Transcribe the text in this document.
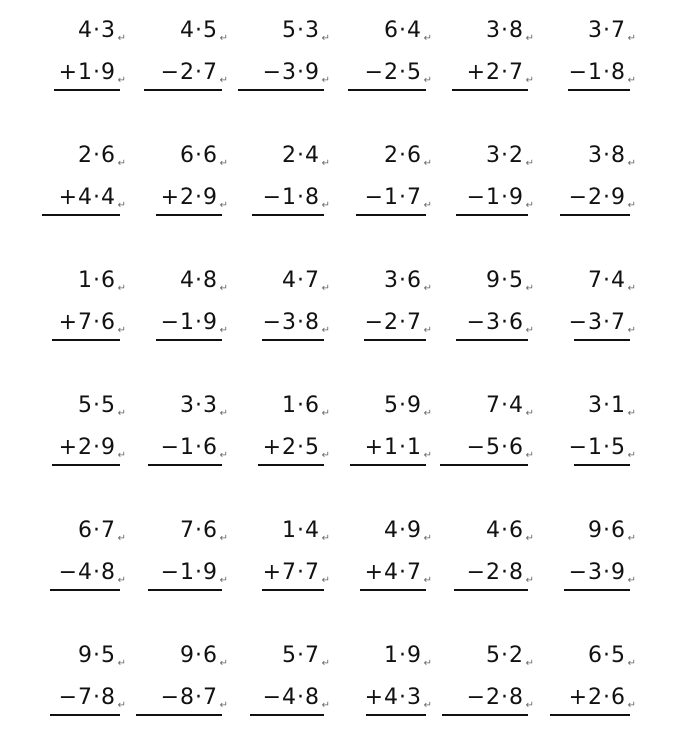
4·3
+1·9
↵
↵
4·5
−2·7
↵
↵
5·3
−3·9
↵
↵
6·4
−2·5
↵
↵
3·8
+2·7
↵
↵
3·7
−1·8
↵
↵
2·6
+4·4
↵
↵
6·6
+2·9
↵
↵
2·4
−1·8
↵
↵
2·6
−1·7
↵
↵
3·2
−1·9
↵
↵
3·8
−2·9
↵
↵
1·6
+7·6
↵
↵
4·8
−1·9
↵
↵
4·7
−3·8
↵
↵
3·6
−2·7
↵
↵
9·5
−3·6
↵
↵
7·4
−3·7
↵
↵
5·5
+2·9
↵
↵
3·3
−1·6
↵
↵
1·6
+2·5
↵
↵
5·9
+1·1
↵
↵
7·4
−5·6
↵
↵
3·1
−1·5
↵
↵
6·7
−4·8
↵
↵
7·6
−1·9
↵
↵
1·4
+7·7
↵
↵
4·9
+4·7
↵
↵
4·6
−2·8
↵
↵
9·6
−3·9
↵
↵
9·5
−7·8
↵
↵
9·6
−8·7
↵
↵
5·7
−4·8
↵
↵
1·9
+4·3
↵
↵
5·2
−2·8
↵
↵
6·5
+2·6
↵
↵
